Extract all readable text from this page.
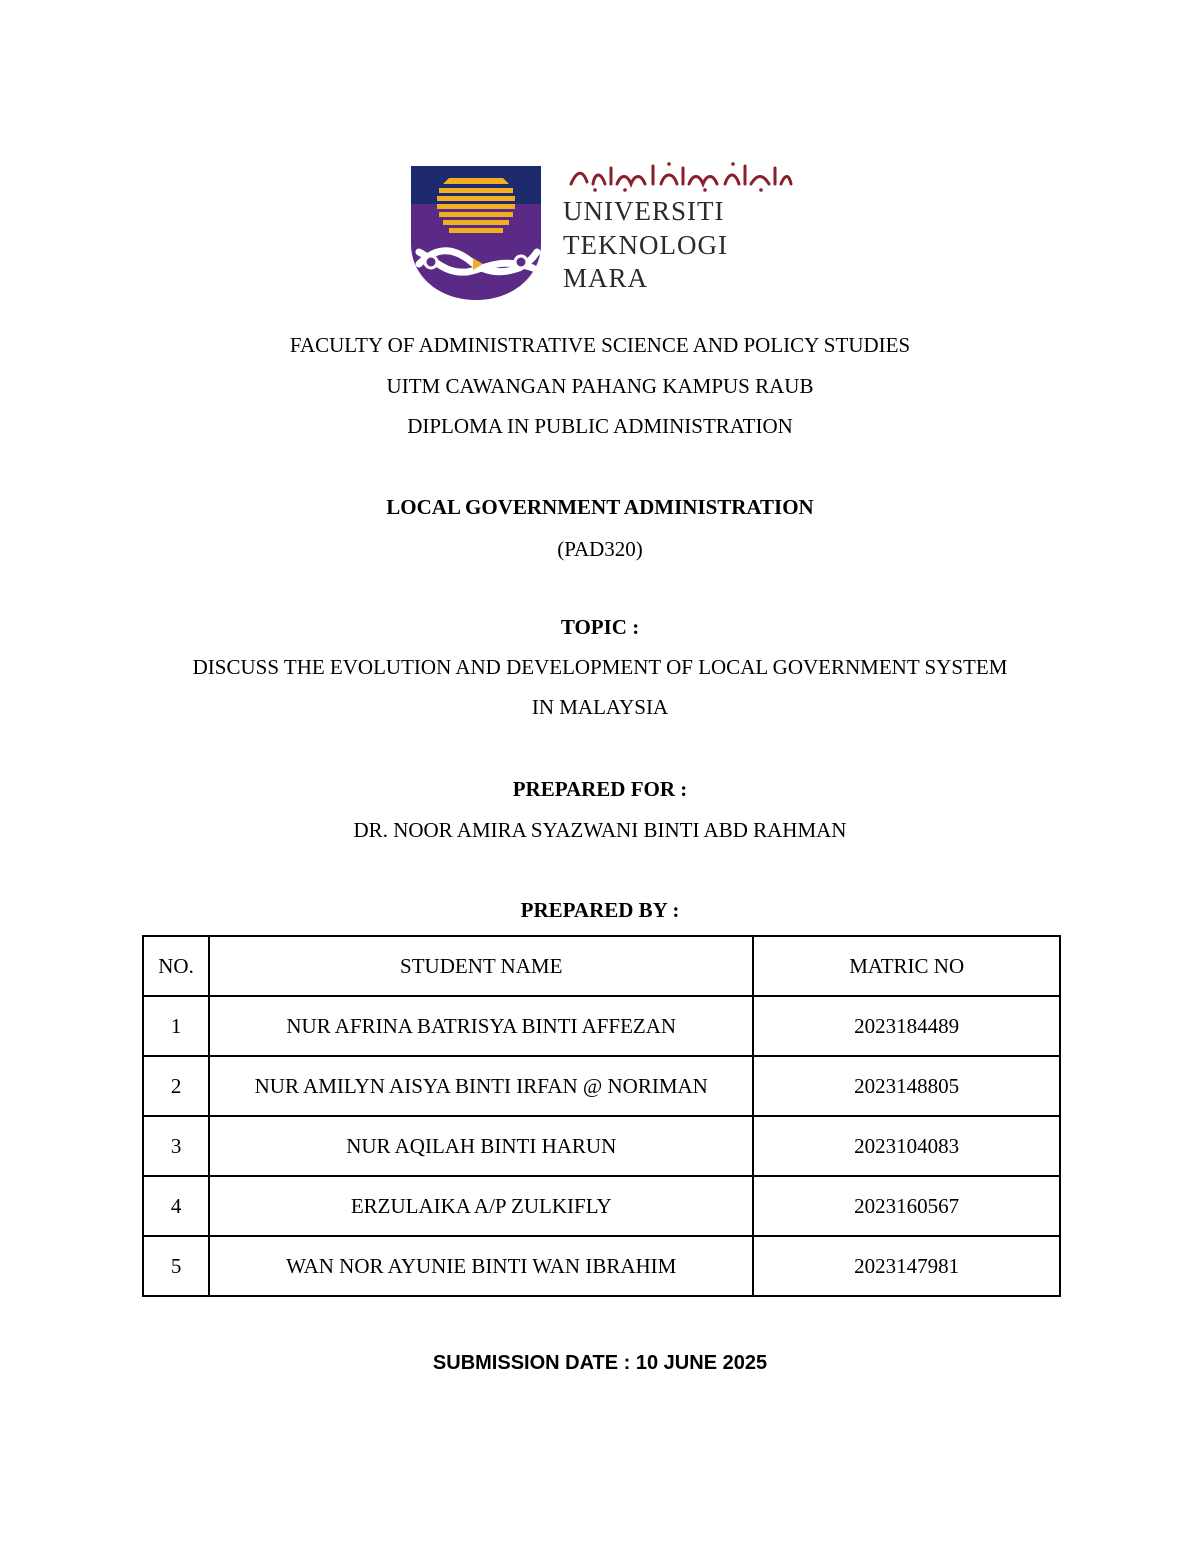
UNIVERSITI
TEKNOLOGI
MARA
FACULTY OF ADMINISTRATIVE SCIENCE AND POLICY STUDIES
UITM CAWANGAN PAHANG KAMPUS RAUB
DIPLOMA IN PUBLIC ADMINISTRATION
LOCAL GOVERNMENT ADMINISTRATION
(PAD320)
TOPIC :
DISCUSS THE EVOLUTION AND DEVELOPMENT OF LOCAL GOVERNMENT SYSTEM
IN MALAYSIA
PREPARED FOR :
DR. NOOR AMIRA SYAZWANI BINTI ABD RAHMAN
PREPARED BY :
NO.	STUDENT NAME	MATRIC NO
1	NUR AFRINA BATRISYA BINTI AFFEZAN	2023184489
2	NUR AMILYN AISYA BINTI IRFAN @ NORIMAN	2023148805
3	NUR AQILAH BINTI HARUN	2023104083
4	ERZULAIKA A/P ZULKIFLY	2023160567
5	WAN NOR AYUNIE BINTI WAN IBRAHIM	2023147981
SUBMISSION DATE : 10 JUNE 2025
